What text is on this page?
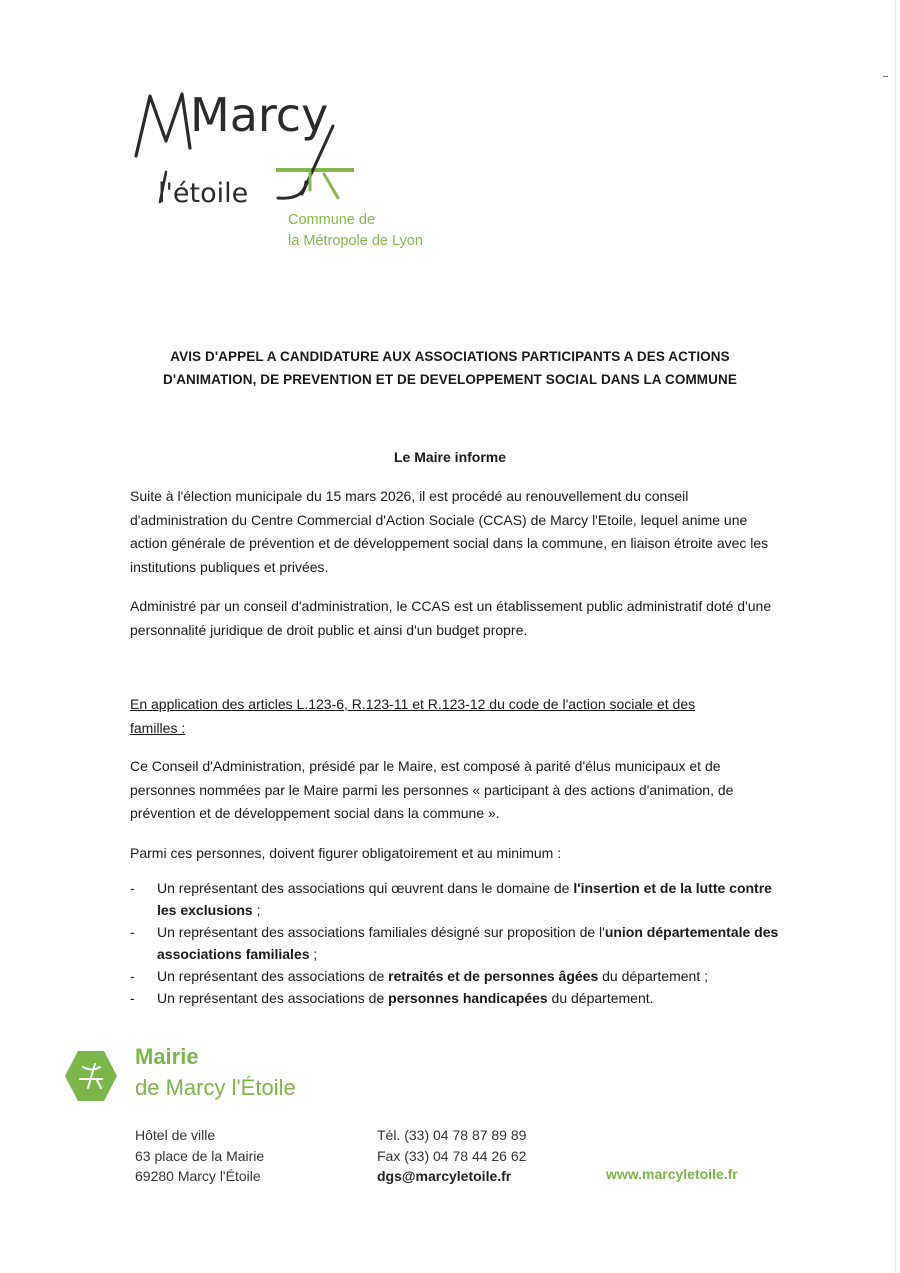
Marcy
l'étoile
Commune de
la Métropole de Lyon
AVIS D'APPEL A CANDIDATURE AUX ASSOCIATIONS PARTICIPANTS A DES ACTIONS
D'ANIMATION, DE PREVENTION ET DE DEVELOPPEMENT SOCIAL DANS LA COMMUNE
Le Maire informe
Suite à l'élection municipale du 15 mars 2026, il est procédé au renouvellement du conseil d'administration du Centre Commercial d'Action Sociale (CCAS) de Marcy l'Etoile, lequel anime une action générale de prévention et de développement social dans la commune, en liaison étroite avec les institutions publiques et privées.
Administré par un conseil d'administration, le CCAS est un établissement public administratif doté d'une personnalité juridique de droit public et ainsi d'un budget propre.
En application des articles L.123-6, R.123-11 et R.123-12 du code de l'action sociale et des familles :
Ce Conseil d'Administration, présidé par le Maire, est composé à parité d'élus municipaux et de personnes nommées par le Maire parmi les personnes « participant à des actions d'animation, de prévention et de développement social dans la commune ».
Parmi ces personnes, doivent figurer obligatoirement et au minimum :
- Un représentant des associations qui œuvrent dans le domaine de l'insertion et de la lutte contre les exclusions ;
- Un représentant des associations familiales désigné sur proposition de l'union départementale des associations familiales ;
- Un représentant des associations de retraités et de personnes âgées du département ;
- Un représentant des associations de personnes handicapées du département.
Mairie
de Marcy l'Étoile
Hôtel de ville
63 place de la Mairie
69280 Marcy l'Étoile
Tél. (33) 04 78 87 89 89
Fax (33) 04 78 44 26 62
dgs@marcyletoile.fr	www.marcyletoile.fr
